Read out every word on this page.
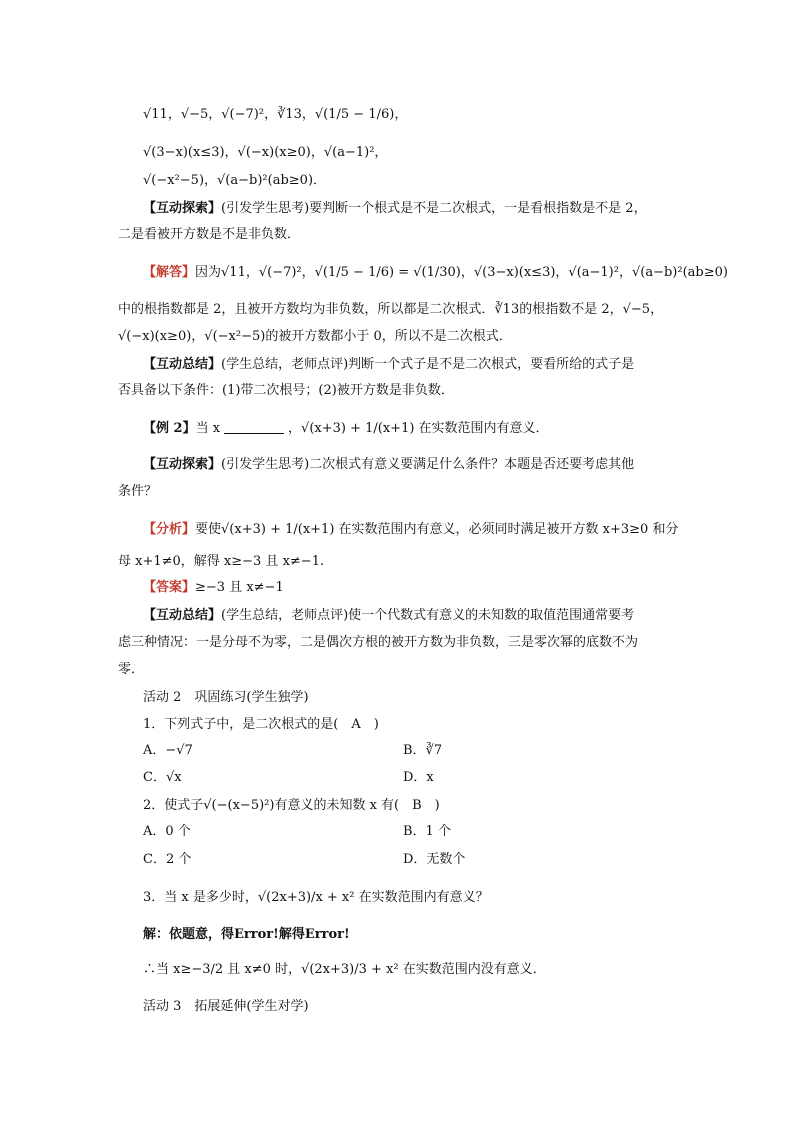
√11，√−5，√(−7)²，∛13，√(1/5 − 1/6)，
√(3−x)(x≤3)，√(−x)(x≥0)，√(a−1)²，
√(−x²−5)，√(a−b)²(ab≥0)．
【互动探索】(引发学生思考)要判断一个根式是不是二次根式，一是看根指数是不是 2，
二是看被开方数是不是非负数．
【解答】因为√11，√(−7)²，√(1/5 − 1/6) = √(1/30)，√(3−x)(x≤3)，√(a−1)²，√(a−b)²(ab≥0)
中的根指数都是 2，且被开方数均为非负数，所以都是二次根式．∛13的根指数不是 2，√−5，
√(−x)(x≥0)，√(−x²−5)的被开方数都小于 0，所以不是二次根式．
【互动总结】(学生总结，老师点评)判断一个式子是不是二次根式，要看所给的式子是
否具备以下条件：(1)带二次根号；(2)被开方数是非负数．
【例 2】当 x	，√(x+3) + 1/(x+1) 在实数范围内有意义．
【互动探索】(引发学生思考)二次根式有意义要满足什么条件？本题是否还要考虑其他
条件？
【分析】要使√(x+3) + 1/(x+1) 在实数范围内有意义，必须同时满足被开方数 x+3≥0 和分
母 x+1≠0，解得 x≥−3 且 x≠−1.
【答案】≥−3 且 x≠−1
【互动总结】(学生总结，老师点评)使一个代数式有意义的未知数的取值范围通常要考
虑三种情况：一是分母不为零，二是偶次方根的被开方数为非负数，三是零次幂的底数不为
零．
活动 2　巩固练习(学生独学)
1．下列式子中，是二次根式的是(　A　)
A．−√7	B．∛7
C．√x	D．x
2．使式子√(−(x−5)²)有意义的未知数 x 有(　B　)
A．0 个	B．1 个
C．2 个	D．无数个
3．当 x 是多少时，√(2x+3)/x + x² 在实数范围内有意义？
解：依题意，得Error!解得Error!
∴当 x≥−3/2 且 x≠0 时，√(2x+3)/3 + x² 在实数范围内没有意义．
活动 3　拓展延伸(学生对学)
